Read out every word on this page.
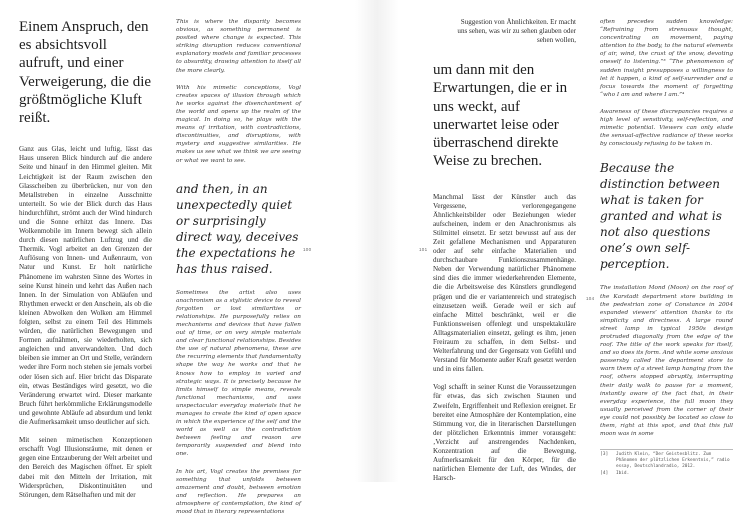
Einem Anspruch, den es absichtsvoll aufruft, und einer Verweigerung, die die größtmögliche Kluft reißt.
Ganz aus Glas, leicht und luftig, lässt das Haus unseren Blick hindurch auf die andere Seite und hinauf in den Himmel gleiten. Mit Leichtigkeit ist der Raum zwischen den Glasscheiben zu überbrücken, nur von den Metallstreben in einzelne Ausschnitte unterteilt. So wie der Blick durch das Haus hindurchführt, strömt auch der Wind hindurch und die Sonne erhitzt das Innere. Das Wolkenmobile im Innern bewegt sich allein durch diesen natürlichen Luftzug und die Thermik. Vogl arbeitet an den Grenzen der Auflösung von Innen- und Außenraum, von Natur und Kunst. Er holt natürliche Phänomene im wahrsten Sinne des Wortes in seine Kunst hinein und kehrt das Außen nach Innen. In der Simulation von Abläufen und Rhythmen erweckt er den Anschein, als ob die kleinen Abwolken den Wolken am Himmel folgten, selbst zu einem Teil des Himmels würden, die natürlichen Bewegungen und Formen aufnähmen, sie wiederholten, sich angleichen und anverwandelten. Und doch bleiben sie immer an Ort und Stelle, verändern weder ihre Form noch stehen sie jemals vorbei oder lösen sich auf. Hier bricht das Disparate ein, etwas Beständiges wird gesetzt, wo die Veränderung erwartet wird. Dieser markante Bruch führt herkömmliche Erklärungsmodelle und gewohnte Abläufe ad absurdum und lenkt die Aufmerksamkeit umso deutlicher auf sich.
Mit seinen mimetischen Konzeptionen erschafft Vogl Illusionsräume, mit denen er gegen eine Entzauberung der Welt arbeitet und den Bereich des Magischen öffnet. Er spielt dabei mit den Mitteln der Irritation, mit Widersprüchen, Diskontinuitäten und Störungen, dem Rätselhaften und mit der
This is where the disparity becomes obvious, as something permanent is posited where change is expected. This striking disruption reduces conventional explanatory models and familiar processes to absurdity, drawing attention to itself all the more clearly.
With his mimetic conceptions, Vogl creates spaces of illusion through which he works against the disenchantment of the world and opens up the realm of the magical. In doing so, he plays with the means of irritation, with contradictions, discontinuities, and disruptions, with mystery and suggestive similarities. He makes us see what we think we are seeing or what we want to see.
and then, in an unexpectedly quiet or surprisingly direct way, deceives the expectations he has thus raised.
Sometimes the artist also uses anachronism as a stylistic device to reveal forgotten or lost similarities or relationships. He purposefully relies on mechanisms and devices that have fallen out of time, or on very simple materials and clear functional relationships. Besides the use of natural phenomena, these are the recurring elements that fundamentally shape the way he works and that he knows how to employ in varied and strategic ways. It is precisely because he limits himself to simple means, reveals functional mechanisms, and uses unspectacular everyday materials that he manages to create the kind of open space in which the experience of the self and the world as well as the contradiction between feeling and reason are temporarily suspended and blend into one.
In his art, Vogl creates the premises for something that unfolds between amazement and doubt, between emotion and reflection. He prepares an atmosphere of contemplation, the kind of mood that in literary representations
100	101
Suggestion von Ähnlichkeiten. Er macht
uns sehen, was wir zu sehen glauben oder
sehen wollen,
um dann mit den Erwartungen, die er in uns weckt, auf unerwartet leise oder überraschend direkte Weise zu brechen.
Manchmal lässt der Künstler auch das Vergessene, verlorengegangene Ähnlichkeitsbilder oder Beziehungen wieder aufscheinen, indem er den Anachronismus als Stilmittel einsetzt. Er setzt bewusst auf aus der Zeit gefallene Mechanismen und Apparaturen oder auf sehr einfache Materialien und durchschaubare Funktionszusammenhänge. Neben der Verwendung natürlicher Phänomene sind dies die immer wiederkehrenden Elemente, die die Arbeitsweise des Künstlers grundlegend prägen und die er variantenreich und strategisch einzusetzen weiß. Gerade weil er sich auf einfache Mittel beschränkt, weil er die Funktionsweisen offenlegt und unspektakuläre Alltagsmaterialien einsetzt, gelingt es ihm, jenen Freiraum zu schaffen, in dem Selbst- und Welterfahrung und der Gegensatz von Gefühl und Verstand für Momente außer Kraft gesetzt werden und in eins fallen.
Vogl schafft in seiner Kunst die Voraussetzungen für etwas, das sich zwischen Staunen und Zweifeln, Ergriffenheit und Reflexion ereignet. Er bereitet eine Atmosphäre der Kontemplation, eine Stimmung vor, die in literarischen Darstellungen der plötzlichen Erkenntnis immer vorausgeht: ‚Verzicht auf anstrengendes Nachdenken, Konzentration auf die Bewegung, Aufmerksamkeit für den Körper, für die natürlichen Elemente der Luft, des Windes, der Harsch-
often precedes sudden knowledge: “Refraining from strenuous thought, concentrating on movement, paying attention to the body, to the natural elements of air, wind, the crust of the snow, devoting oneself to listening.”³ “The phenomenon of sudden insight presupposes a willingness to let it happen, a kind of self-surrender and a focus towards the moment of forgetting “who I am and where I am.”⁴
Awareness of these discrepancies requires a high level of sensitivity, self-reflection, and mimetic potential. Viewers can only elude the sensual-affective radiance of these works by consciously refusing to be taken in.
Because the distinction between what is taken for granted and what is not also questions one’s own self-perception.
The installation Mond (Moon) on the roof of the Karstadt department store building in the pedestrian zone of Constance in 2004 expanded viewers’ attention thanks to its simplicity and directness. A large round street lamp in typical 1950s design protruded diagonally from the edge of the roof. The title of the work speaks for itself, and so does its form. And while some anxious passersby called the department store to warn them of a street lamp hanging from the roof, others stopped abruptly, interrupting their daily walk to pause for a moment, instantly aware of the fact that, in their everyday experience, the full moon they usually perceived from the corner of their eye could not possibly be located so close to them, right at this spot, and that this full moon was in some
104
[3] Judith Klein, “Der Geistesblitz. Zum Phänomen der plötzlichen Erkenntnis,” radio essay, Deutschlandradio, 2012.
[4] Ibid.
